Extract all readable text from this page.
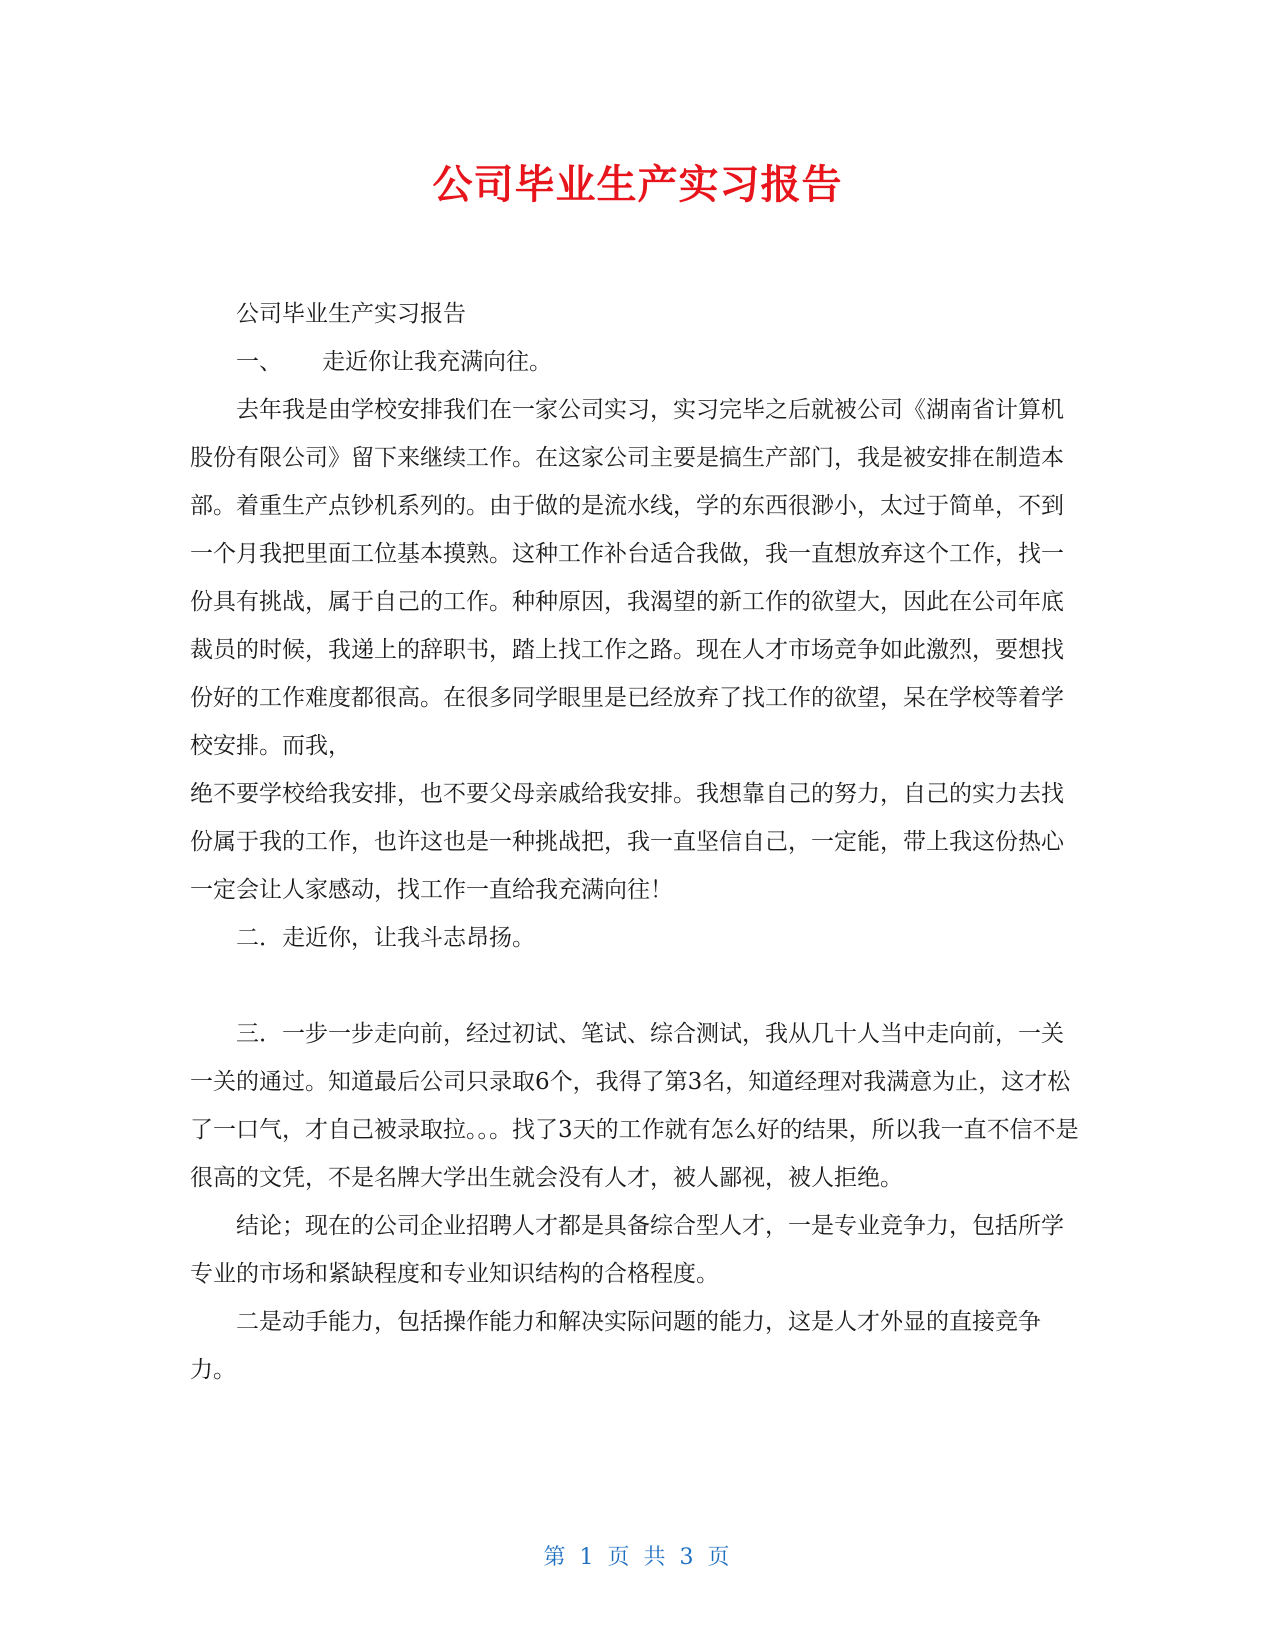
公司毕业生产实习报告

公司毕业生产实习报告

一、 走近你让我充满向往。

去年我是由学校安排我们在一家公司实习，实习完毕之后就被公司《湖南省计算机股份有限公司》留下来继续工作。在这家公司主要是搞生产部门，我是被安排在制造本部。着重生产点钞机系列的。由于做的是流水线，学的东西很渺小，太过于简单，不到一个月我把里面工位基本摸熟。这种工作补台适合我做，我一直想放弃这个工作，找一份具有挑战，属于自己的工作。种种原因，我渴望的新工作的欲望大，因此在公司年底裁员的时候，我递上的辞职书，踏上找工作之路。现在人才市场竞争如此激烈，要想找份好的工作难度都很高。在很多同学眼里是已经放弃了找工作的欲望，呆在学校等着学校安排。而我，

绝不要学校给我安排，也不要父母亲戚给我安排。我想靠自己的努力，自己的实力去找份属于我的工作，也许这也是一种挑战把，我一直坚信自己，一定能，带上我这份热心一定会让人家感动，找工作一直给我充满向往！

二．走近你，让我斗志昂扬。

三．一步一步走向前，经过初试、笔试、综合测试，我从几十人当中走向前，一关一关的通过。知道最后公司只录取6个，我得了第3名，知道经理对我满意为止，这才松了一口气，才自己被录取拉。。。找了3天的工作就有怎么好的结果，所以我一直不信不是很高的文凭，不是名牌大学出生就会没有人才，被人鄙视，被人拒绝。

结论；现在的公司企业招聘人才都是具备综合型人才，一是专业竞争力，包括所学专业的市场和紧缺程度和专业知识结构的合格程度。

二是动手能力，包括操作能力和解决实际问题的能力，这是人才外显的直接竞争力。

第 1 页 共 3 页
